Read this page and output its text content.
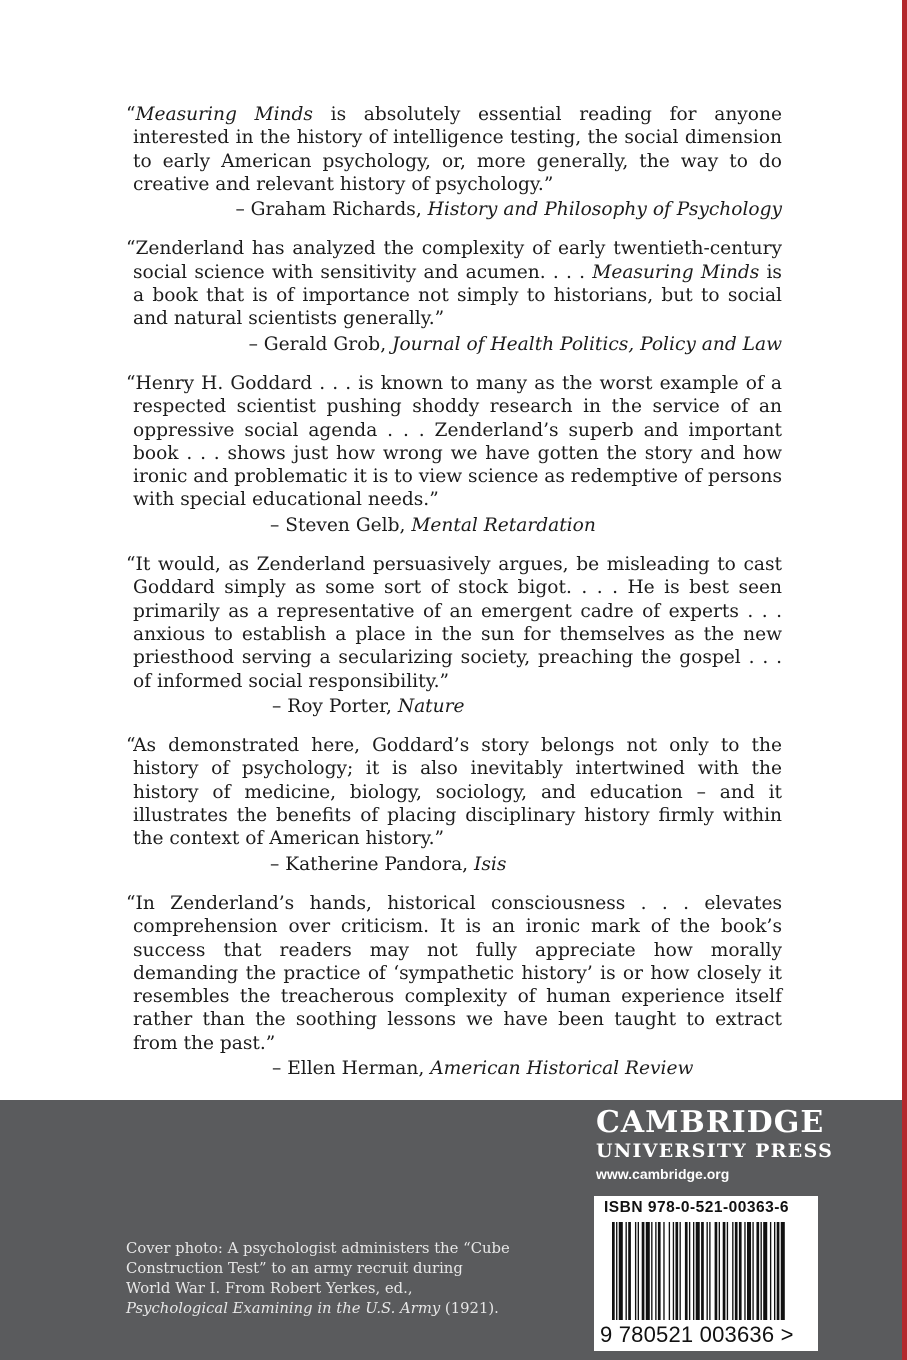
“Measuring Minds is absolutely essential reading for anyone interested in the history of intelligence testing, the social dimension to early American psychology, or, more generally, the way to do creative and relevant history of psychology.”
– Graham Richards, History and Philosophy of Psychology
“Zenderland has analyzed the complexity of early twentieth-century social science with sensitivity and acumen. . . . Measuring Minds is a book that is of importance not simply to historians, but to social and natural scientists generally.”
– Gerald Grob, Journal of Health Politics, Policy and Law
“Henry H. Goddard . . . is known to many as the worst example of a respected scientist pushing shoddy research in the service of an oppressive social agenda . . . Zenderland’s superb and important book . . . shows just how wrong we have gotten the story and how ironic and problematic it is to view science as redemptive of persons with special educational needs.”
– Steven Gelb, Mental Retardation
“It would, as Zenderland persuasively argues, be misleading to cast Goddard simply as some sort of stock bigot. . . . He is best seen primarily as a representative of an emergent cadre of experts . . . anxious to establish a place in the sun for themselves as the new priesthood serving a secularizing society, preaching the gospel . . . of informed social responsibility.”
– Roy Porter, Nature
“As demonstrated here, Goddard’s story belongs not only to the history of psychology; it is also inevitably intertwined with the history of medicine, biology, sociology, and education – and it illustrates the benefits of placing disciplinary history firmly within the context of American history.”
– Katherine Pandora, Isis
“In Zenderland’s hands, historical consciousness . . . elevates comprehension over criticism. It is an ironic mark of the book’s success that readers may not fully appreciate how morally demanding the practice of ‘sympathetic history’ is or how closely it resembles the treacherous complexity of human experience itself rather than the soothing lessons we have been taught to extract from the past.”
– Ellen Herman, American Historical Review
Cover photo: A psychologist administers the “Cube Construction Test” to an army recruit during World War I. From Robert Yerkes, ed., Psychological Examining in the U.S. Army (1921).
CAMBRIDGE
UNIVERSITY PRESS
www.cambridge.org
ISBN 978-0-521-00363-6
9 780521 003636 >
